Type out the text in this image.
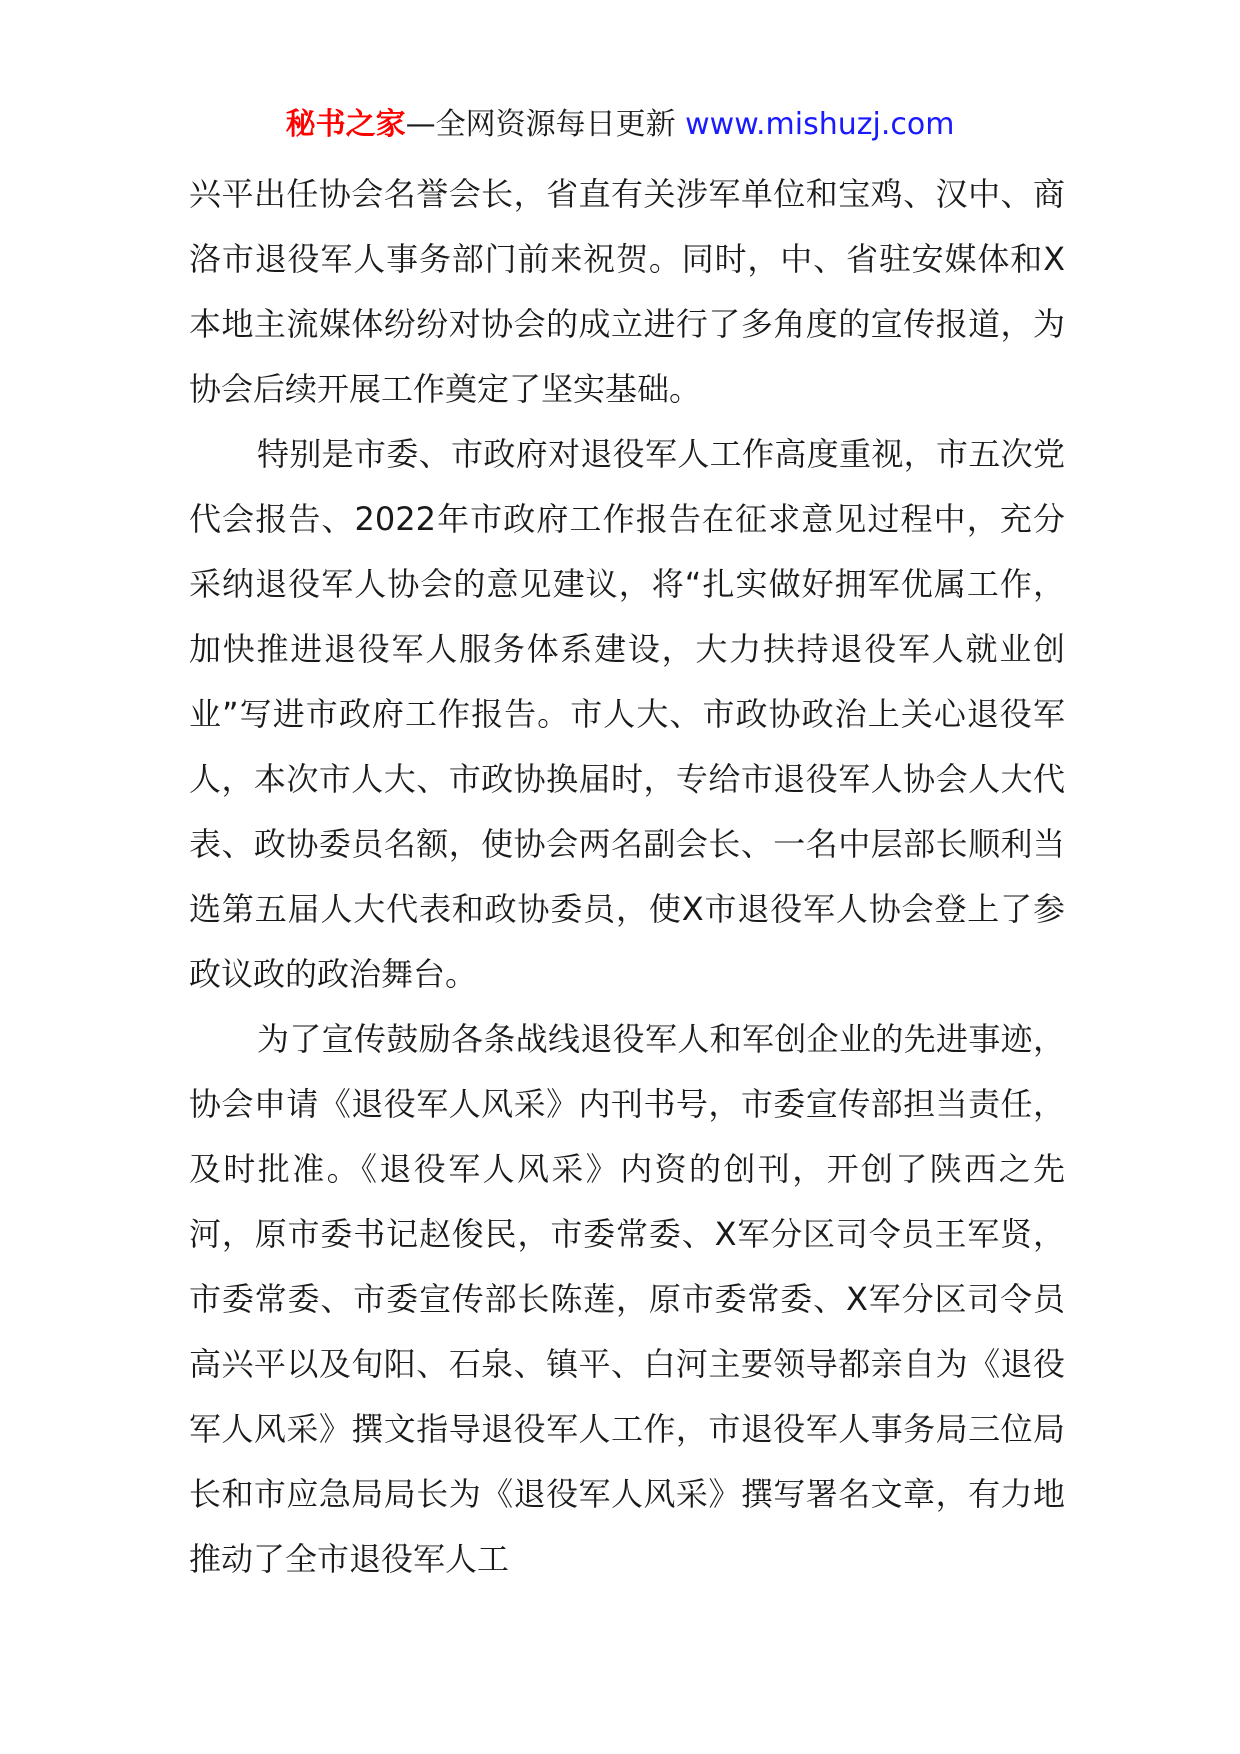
秘书之家—全网资源每日更新 www.mishuzj.com

兴平出任协会名誉会长，省直有关涉军单位和宝鸡、汉中、商洛市退役军人事务部门前来祝贺。同时，中、省驻安媒体和X本地主流媒体纷纷对协会的成立进行了多角度的宣传报道，为协会后续开展工作奠定了坚实基础。

特别是市委、市政府对退役军人工作高度重视，市五次党代会报告、2022年市政府工作报告在征求意见过程中，充分采纳退役军人协会的意见建议，将“扎实做好拥军优属工作，加快推进退役军人服务体系建设，大力扶持退役军人就业创业”写进市政府工作报告。市人大、市政协政治上关心退役军人，本次市人大、市政协换届时，专给市退役军人协会人大代表、政协委员名额，使协会两名副会长、一名中层部长顺利当选第五届人大代表和政协委员，使X市退役军人协会登上了参政议政的政治舞台。

为了宣传鼓励各条战线退役军人和军创企业的先进事迹，协会申请《退役军人风采》内刊书号，市委宣传部担当责任，及时批准。《退役军人风采》内资的创刊，开创了陕西之先河，原市委书记赵俊民，市委常委、X军分区司令员王军贤，市委常委、市委宣传部长陈莲，原市委常委、X军分区司令员高兴平以及旬阳、石泉、镇平、白河主要领导都亲自为《退役军人风采》撰文指导退役军人工作，市退役军人事务局三位局长和市应急局局长为《退役军人风采》撰写署名文章，有力地推动了全市退役军人工
